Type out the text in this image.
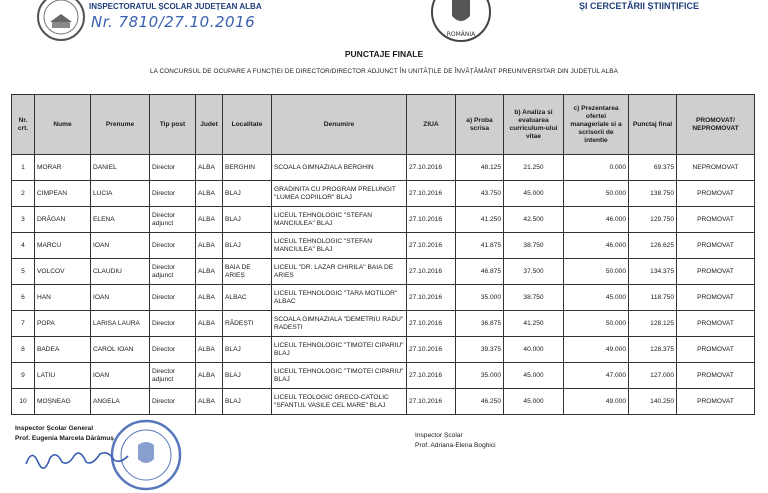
INSPECTORATUL ȘCOLAR JUDEȚEAN ALBA
Nr. 7810/27.10.2016
ROMÂNIA
ȘI CERCETĂRII ȘTIINȚIFICE
PUNCTAJE FINALE
LA CONCURSUL DE OCUPARE A FUNCȚIEI DE DIRECTOR/DIRECTOR ADJUNCT ÎN UNITĂȚILE DE ÎNVĂȚĂMÂNT PREUNIVERSITAR DIN JUDEȚUL ALBA
Nr. crt.	Nume	Prenume	Tip post	Judet	Localitate	Denumire	ZIUA	a) Proba scrisa	b) Analiza si evaluarea curriculum-ului vitae	c) Prezentarea ofertei manageriale si a scrisorii de intentie	Punctaj final	PROMOVAT/ NEPROMOVAT
1	MORAR	DANIEL	Director	ALBA	BERGHIN	SCOALA GIMNAZIALA BERGHIN	27.10.2016	48.125	21.250	0.000	69.375	NEPROMOVAT
2	CIMPEAN	LUCIA	Director	ALBA	BLAJ	GRADINITA CU PROGRAM PRELUNGIT "LUMEA COPIILOR" BLAJ	27.10.2016	43.750	45.000	50.000	138.750	PROMOVAT
3	DRĂGAN	ELENA	Director adjunct	ALBA	BLAJ	LICEUL TEHNOLOGIC "STEFAN MANCIULEA" BLAJ	27.10.2016	41.250	42.500	46.000	129.750	PROMOVAT
4	MARCU	IOAN	Director	ALBA	BLAJ	LICEUL TEHNOLOGIC "STEFAN MANCIULEA" BLAJ	27.10.2016	41.875	38.750	46.000	126.625	PROMOVAT
5	VOLCOV	CLAUDIU	Director adjunct	ALBA	BAIA DE ARIEȘ	LICEUL "DR. LAZAR CHIRILA" BAIA DE ARIES	27.10.2016	46.875	37.500	50.000	134.375	PROMOVAT
6	HAN	IOAN	Director	ALBA	ALBAC	LICEUL TEHNOLOGIC "TARA MOTILOR" ALBAC	27.10.2016	35.000	38.750	45.000	118.750	PROMOVAT
7	POPA	LARISA LAURA	Director	ALBA	RĂDEȘTI	SCOALA GIMNAZIALA "DEMETRIU RADU" RADESTI	27.10.2016	36.875	41.250	50.000	128.125	PROMOVAT
8	BADEA	CAROL IOAN	Director	ALBA	BLAJ	LICEUL TEHNOLOGIC "TIMOTEI CIPARIU" BLAJ	27.10.2016	39.375	40.000	49.000	128.375	PROMOVAT
9	LATIU	IOAN	Director adjunct	ALBA	BLAJ	LICEUL TEHNOLOGIC "TIMOTEI CIPARIU" BLAJ	27.10.2016	35.000	45.000	47.000	127.000	PROMOVAT
10	MOȘNEAG	ANGELA	Director	ALBA	BLAJ	LICEUL TEOLOGIC GRECO-CATOLIC "SFANTUL VASILE CEL MARE" BLAJ	27.10.2016	46.250	45.000	49.000	140.250	PROMOVAT
Inspector Școlar General
Prof. Eugenia Marcela Dărâmuș	Inspector Școlar
Prof. Adriana-Elena Boghici
